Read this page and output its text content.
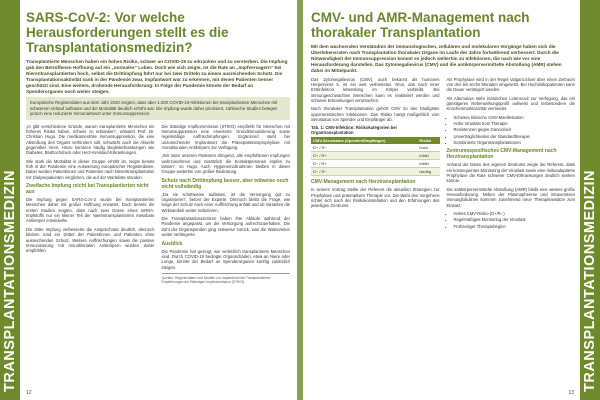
TRANSPLANTATIONSMEDIZIN
SARS-CoV-2: Vor welche Herausforderungen stellt es die Transplantationsmedizin?

Transplantierte Menschen haben ein hohes Risiko, schwer an COVID-19 zu erkranken und zu versterben. Die Impfung gab den Betroffenen Hoffnung auf ein „normales“ Leben. Doch wie sich zeigte, ist die Rate an „Impfversagern“ bei Nierentransplantierten hoch, selbst die Drittimpfung führt nur bei zwei Dritteln zu einem ausreichenden Schutz. Die Transplantationsaktivität sank in der Pandemie zwar, Impfantwort war zu erkennen, mit denen Patienten besser geschützt sind. Eine weitere, drohende Herausforderung: In Folge der Pandemie könnte der Bedarf an Spenderorganen noch weiter steigen.

Europäische Registerdaten aus dem Jahr 2020 zeigten, dass über 1.000 COVID-19-Infektionen bei transplantierten Menschen mit schwerem Verlauf auftraten und die Mortalität deutlich erhöht war. Die Impfung wurde daher priorisiert, zahlreiche Studien belegen jedoch eine reduzierte Immunantwort unter Immunsuppression.

„In gibt verschiedene Gründe, warum transplantierte Menschen ein höheres Risiko haben, schwer zu erkranken“, erläutert Prof. Dr. Christian Hugo. Die medikamentöse Immunsuppression, die eine Abstoßung des Organs verhindern soll, schwächt auch die Abwehr gegenüber Viren. Hinzu kommen häufig Begleiterkrankungen wie Diabetes, Bluthochdruck oder Herz-Kreislauf-Erkrankungen.

Wie stark die Mortalität in dieser Gruppe erhöht ist, zeigte bereits früh in der Pandemie eine Auswertung europäischer Registerdaten. Dabei wurden Patientinnen und Patienten nach Nierentransplantation mit Dialysepatienten verglichen, die auf der Warteliste standen.

Zweifache Impfung reicht bei Transplantierten nicht aus

Die Impfung gegen SARS-CoV-2 wurde bei transplantierten Menschen daher mit großer Hoffnung erwartet. Doch bereits die ersten Studien zeigten, dass nach zwei Dosen eines mRNA-Impfstoffs nur ein kleiner Teil der Nierentransplantierten messbare Antikörper entwickelte.

Die dritte Impfung verbesserte die Ansprechrate deutlich, dennoch blieben rund ein Drittel der Patientinnen und Patienten ohne ausreichenden Schutz. Weitere Auffrischungen sowie die passive Immunisierung mit monoklonalen Antikörpern wurden daher empfohlen.

Die Ständige Impfkommission (STIKO) empfiehlt für Menschen mit Immunsuppression eine erweiterte Grundimmunisierung sowie regelmäßige Auffrischimpfungen. Ergänzend steht bei unzureichender Impfantwort die Präexpositionsprophylaxe mit monoklonalen Antikörpern zur Verfügung.

„Wir raten unseren Patienten dringend, alle empfohlenen Impfungen wahrzunehmen und zusätzlich die Kontaktpersonen impfen zu lassen“, so Hugo. Auch Hygienemaßnahmen bleiben in dieser Gruppe weiterhin von großer Bedeutung.

Schutz nach Drittimpfung besser, aber teilweise noch nicht vollständig

„Da sie schrittweise auftraten, ist die Versorgung gut zu organisieren“, betont der Experte. Dennoch bleibt die Frage, wie lange der Schutz nach einer Auffrischung anhält und ob Varianten die Wirksamkeit weiter reduzieren.

Die Transplantationszentren haben ihre Abläufe während der Pandemie angepasst, um die Versorgung aufrechtzuerhalten. Die Zahl der Organspenden ging zeitweise zurück, was die Wartezeiten weiter verlängerte.

Ausblick

Die Pandemie hat gezeigt, wie verletzlich transplantierte Menschen sind. Durch COVID-19 bedingte Organschäden, etwa an Niere oder Lunge, könnte der Bedarf an Spenderorganen künftig zusätzlich steigen.

Quellen: Registerdaten und Studien zur Impfantwort bei Transplantierten; Empfehlungen der Ständigen Impfkommission (STIKO).
12
TRANSPLANTATIONSMEDIZIN
CMV- und AMR-Management nach thorakaler Transplantation

Mit dem wachsenden Verständnis der immunologischen, zellulären und molekularen Vorgänge haben sich die Überlebensraten nach Transplantation thorakaler Organe im Laufe der Jahre fortwährend verbessert. Durch die Notwendigkeit der Immunsuppression kommt es jedoch weiterhin zu Infektionen, die nach wie vor eine Herausforderung darstellen. Das Zytomegalievirus (CMV) und die antikörpervermittelte Abstoßung (AMR) stehen dabei im Mittelpunkt.

Das Zytomegalievirus (CMV), auch bekannt als humanes Herpesvirus 5, ist ein weit verbreitetes Virus, das nach einer Erstinfektion lebenslang im Körper verbleibt. Bei immungeschwächten Menschen kann es reaktiviert werden und schwere Erkrankungen verursachen.

Nach thorakaler Transplantation gehört CMV zu den häufigsten opportunistischen Infektionen. Das Risiko hängt maßgeblich vom Serostatus von Spender und Empfänger ab.

Tab. 1: CMV-Infektion: Risikokategorien bei Organtransplantation
CMV-Serostatus (Spender/Empfänger)	Risiko
D+ / R−	hoch
D+ / R+	mittel
D− / R+	mittel
D− / R−	niedrig
CMV-Management nach Herztransplantation

In seinem Vortrag stellte der Referent die aktuellen Strategien zur Prophylaxe und präemptiven Therapie vor. Die Wahl des Vorgehens richtet sich nach der Risikokonstellation und den Erfahrungen des jeweiligen Zentrums.

Als Prophylaxe wird in der Regel Valganciclovir über einen Zeitraum von drei bis sechs Monaten eingesetzt. Bei Hochrisikopatienten kann die Dauer verlängert werden.

Als Alternative steht inzwischen Letermovir zur Verfügung, das ein günstigeres Nebenwirkungsprofil aufweist und insbesondere die Knochenmarktoxizität vermeidet.

• Schwere klinische CMV-Manifestation
• Hohe Viruslast trotz Therapie
• Resistenzen gegen Ganciclovir
• Unverträglichkeiten der Standardtherapie
• Kombinierte Organtransplantationen
Zentrumsspezifisches CMV-Management nach Herztransplantation

Anhand der Daten des eigenen Zentrums zeigte der Referent, dass ein konsequentes Monitoring der Viruslast sowie eine risikoadaptierte Prophylaxe die Rate schwerer CMV-Erkrankungen deutlich senken konnte.

Die antikörpervermittelte Abstoßung (AMR) bleibt eine weitere große Herausforderung. Neben der Plasmapherese und intravenösen Immunglobulinen kommen zunehmend neue Therapieansätze zum Einsatz.

• Hohes CMV-Risiko (D+/R−)
• Regelmäßiges Monitoring der Viruslast
• Frühzeitiger Therapiebeginn
13
